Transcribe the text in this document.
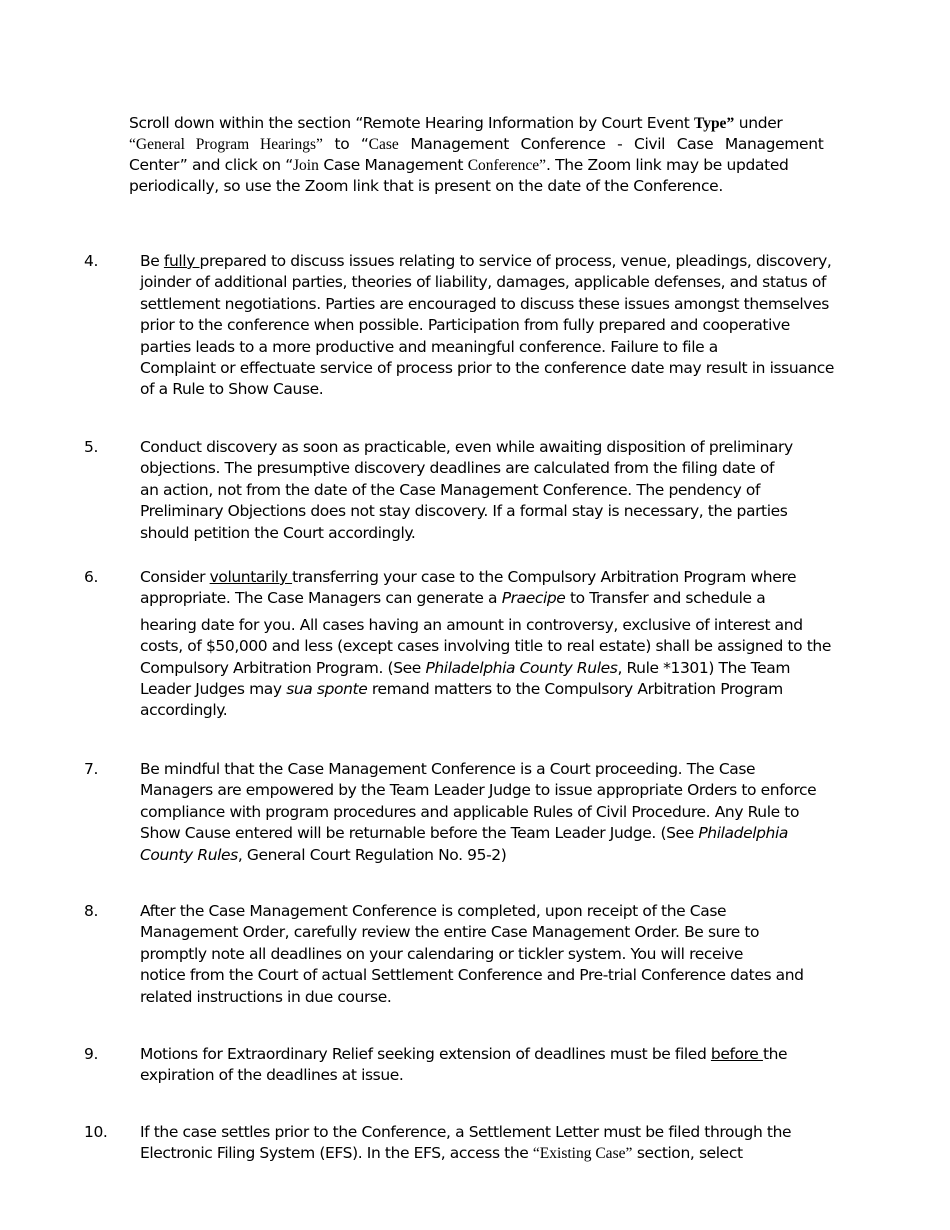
Scroll down within the section “Remote Hearing Information by Court Event Type” under
“General Program Hearings” to “Case Management Conference - Civil Case Management
Center” and click on “Join Case Management Conference”. The Zoom link may be updated
periodically, so use the Zoom link that is present on the date of the Conference.
4.	Be fully prepared to discuss issues relating to service of process, venue, pleadings, discovery,
joinder of additional parties, theories of liability, damages, applicable defenses, and status of
settlement negotiations. Parties are encouraged to discuss these issues amongst themselves
prior to the conference when possible. Participation from fully prepared and cooperative
parties leads to a more productive and meaningful conference. Failure to file a
Complaint or effectuate service of process prior to the conference date may result in issuance
of a Rule to Show Cause.
5.	Conduct discovery as soon as practicable, even while awaiting disposition of preliminary
objections. The presumptive discovery deadlines are calculated from the filing date of
an action, not from the date of the Case Management Conference. The pendency of
Preliminary Objections does not stay discovery. If a formal stay is necessary, the parties
should petition the Court accordingly.
6.	Consider voluntarily transferring your case to the Compulsory Arbitration Program where
appropriate. The Case Managers can generate a Praecipe to Transfer and schedule a
hearing date for you. All cases having an amount in controversy, exclusive of interest and
costs, of $50,000 and less (except cases involving title to real estate) shall be assigned to the
Compulsory Arbitration Program. (See Philadelphia County Rules, Rule *1301) The Team
Leader Judges may sua sponte remand matters to the Compulsory Arbitration Program
accordingly.
7.	Be mindful that the Case Management Conference is a Court proceeding. The Case
Managers are empowered by the Team Leader Judge to issue appropriate Orders to enforce
compliance with program procedures and applicable Rules of Civil Procedure. Any Rule to
Show Cause entered will be returnable before the Team Leader Judge. (See Philadelphia
County Rules, General Court Regulation No. 95-2)
8.	After the Case Management Conference is completed, upon receipt of the Case
Management Order, carefully review the entire Case Management Order. Be sure to
promptly note all deadlines on your calendaring or tickler system. You will receive
notice from the Court of actual Settlement Conference and Pre-trial Conference dates and
related instructions in due course.
9.	Motions for Extraordinary Relief seeking extension of deadlines must be filed before the
expiration of the deadlines at issue.
10.	If the case settles prior to the Conference, a Settlement Letter must be filed through the
Electronic Filing System (EFS). In the EFS, access the “Existing Case” section, select
